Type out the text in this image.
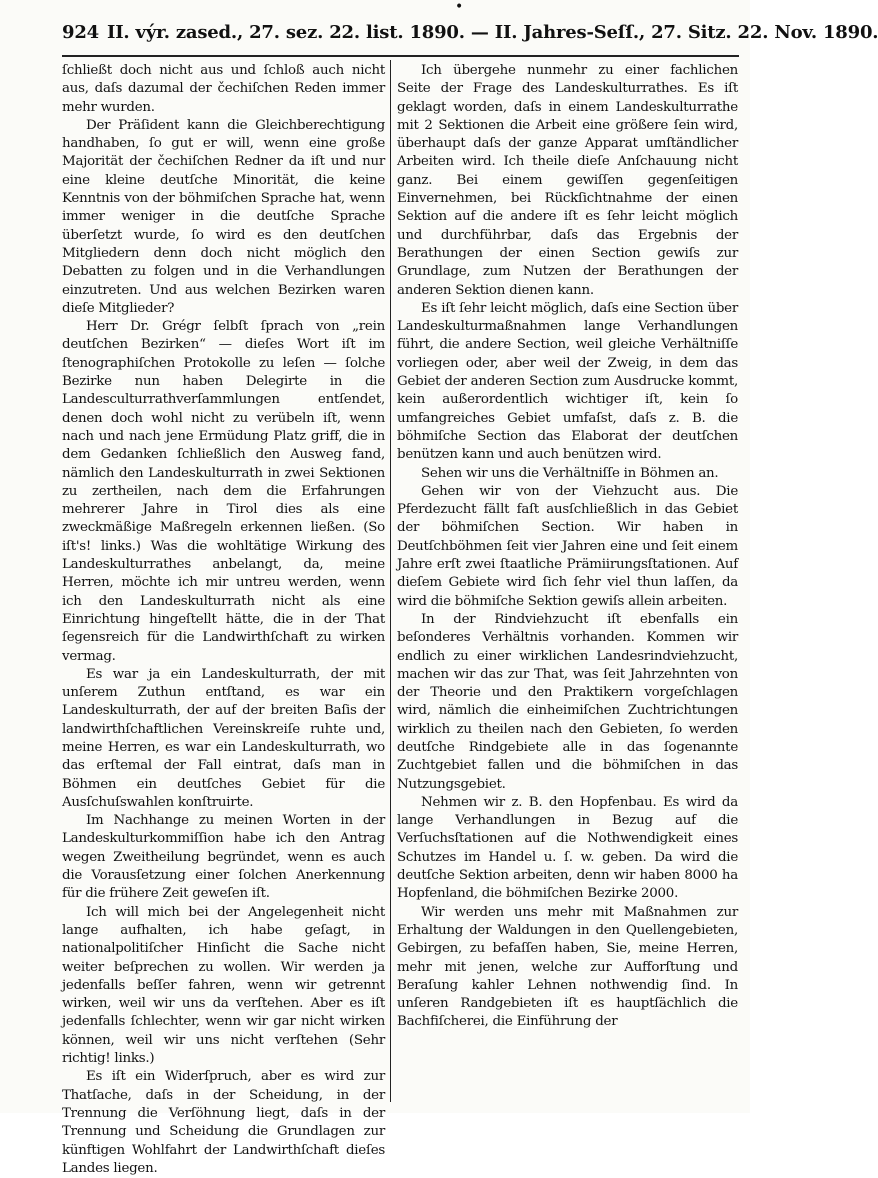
•
924 II. výr. zased., 27. sez. 22. list. 1890. — II. Jahres-Seſſ., 27. Sitz. 22. Nov. 1890.

ſchließt doch nicht aus und ſchloß auch nicht aus, daſs dazumal der čechiſchen Reden immer mehr wurden.

Der Präſident kann die Gleichberechtigung handhaben, ſo gut er will, wenn eine große Majorität der čechiſchen Redner da iſt und nur eine kleine deutſche Minorität, die keine Kenntnis von der böhmiſchen Sprache hat, wenn immer weniger in die deutſche Sprache überſetzt wurde, ſo wird es den deutſchen Mitgliedern denn doch nicht möglich den Debatten zu folgen und in die Verhandlungen einzutreten. Und aus welchen Bezirken waren dieſe Mitglieder?

Herr Dr. Grégr ſelbſt ſprach von „rein deutſchen Bezirken“ — dieſes Wort iſt im ſtenographiſchen Protokolle zu leſen — ſolche Bezirke nun haben Delegirte in die Landesculturrathverſammlungen entſendet, denen doch wohl nicht zu verübeln iſt, wenn nach und nach jene Ermüdung Platz griff, die in dem Gedanken ſchließlich den Ausweg fand, nämlich den Landeskulturrath in zwei Sektionen zu zertheilen, nach dem die Erfahrungen mehrerer Jahre in Tirol dies als eine zweckmäßige Maßregeln erkennen ließen. (So iſt's! links.) Was die wohltätige Wirkung des Landeskulturrathes anbelangt, da, meine Herren, möchte ich mir untreu werden, wenn ich den Landeskulturrath nicht als eine Einrichtung hingeſtellt hätte, die in der That ſegensreich für die Landwirthſchaft zu wirken vermag.

Es war ja ein Landeskulturrath, der mit unſerem Zuthun entſtand, es war ein Landeskulturrath, der auf der breiten Baſis der landwirthſchaftlichen Vereinskreiſe ruhte und, meine Herren, es war ein Landeskulturrath, wo das erſtemal der Fall eintrat, daſs man in Böhmen ein deutſches Gebiet für die Ausſchuſswahlen konſtruirte.

Im Nachhange zu meinen Worten in der Landeskulturkommiſſion habe ich den Antrag wegen Zweitheilung begründet, wenn es auch die Vorausſetzung einer ſolchen Anerkennung für die frühere Zeit geweſen iſt.

Ich will mich bei der Angelegenheit nicht lange aufhalten, ich habe geſagt, in nationalpolitiſcher Hinſicht die Sache nicht weiter beſprechen zu wollen. Wir werden ja jedenfalls beſſer fahren, wenn wir getrennt wirken, weil wir uns da verſtehen. Aber es iſt jedenfalls ſchlechter, wenn wir gar nicht wirken können, weil wir uns nicht verſtehen (Sehr richtig! links.)

Es iſt ein Widerſpruch, aber es wird zur Thatſache, daſs in der Scheidung, in der Trennung die Verſöhnung liegt, daſs in der Trennung und Scheidung die Grundlagen zur künftigen Wohlfahrt der Landwirthſchaft dieſes Landes liegen.

Ich übergehe nunmehr zu einer fachlichen Seite der Frage des Landeskulturrathes. Es iſt geklagt worden, daſs in einem Landeskulturrathe mit 2 Sektionen die Arbeit eine größere ſein wird, überhaupt daſs der ganze Apparat umſtändlicher Arbeiten wird. Ich theile dieſe Anſchauung nicht ganz. Bei einem gewiſſen gegenſeitigen Einvernehmen, bei Rückſichtnahme der einen Sektion auf die andere iſt es ſehr leicht möglich und durchführbar, daſs das Ergebnis der Berathungen der einen Section gewiſs zur Grundlage, zum Nutzen der Berathungen der anderen Sektion dienen kann.

Es iſt ſehr leicht möglich, daſs eine Section über Landeskulturmaßnahmen lange Verhandlungen führt, die andere Section, weil gleiche Verhältniſſe vorliegen oder, aber weil der Zweig, in dem das Gebiet der anderen Section zum Ausdrucke kommt, kein außerordentlich wichtiger iſt, kein ſo umfangreiches Gebiet umfaſst, daſs z. B. die böhmiſche Section das Elaborat der deutſchen benützen kann und auch benützen wird.

Sehen wir uns die Verhältniſſe in Böhmen an.

Gehen wir von der Viehzucht aus. Die Pferdezucht fällt faſt ausſchließlich in das Gebiet der böhmiſchen Section. Wir haben in Deutſchböhmen ſeit vier Jahren eine und ſeit einem Jahre erſt zwei ſtaatliche Prämiirungsſtationen. Auf dieſem Gebiete wird ſich ſehr viel thun laſſen, da wird die böhmiſche Sektion gewiſs allein arbeiten.

In der Rindviehzucht iſt ebenfalls ein beſonderes Verhältnis vorhanden. Kommen wir endlich zu einer wirklichen Landesrindviehzucht, machen wir das zur That, was ſeit Jahrzehnten von der Theorie und den Praktikern vorgeſchlagen wird, nämlich die einheimiſchen Zuchtrichtungen wirklich zu theilen nach den Gebieten, ſo werden deutſche Rindgebiete alle in das ſogenannte Zuchtgebiet fallen und die böhmiſchen in das Nutzungsgebiet.

Nehmen wir z. B. den Hopfenbau. Es wird da lange Verhandlungen in Bezug auf die Verſuchsſtationen auf die Nothwendigkeit eines Schutzes im Handel u. ſ. w. geben. Da wird die deutſche Sektion arbeiten, denn wir haben 8000 ha Hopfenland, die böhmiſchen Bezirke 2000.

Wir werden uns mehr mit Maßnahmen zur Erhaltung der Waldungen in den Quellengebieten, Gebirgen, zu befaſſen haben, Sie, meine Herren, mehr mit jenen, welche zur Aufforſtung und Beraſung kahler Lehnen nothwendig ſind. In unſeren Randgebieten iſt es hauptſächlich die Bachfiſcherei, die Einführung der
